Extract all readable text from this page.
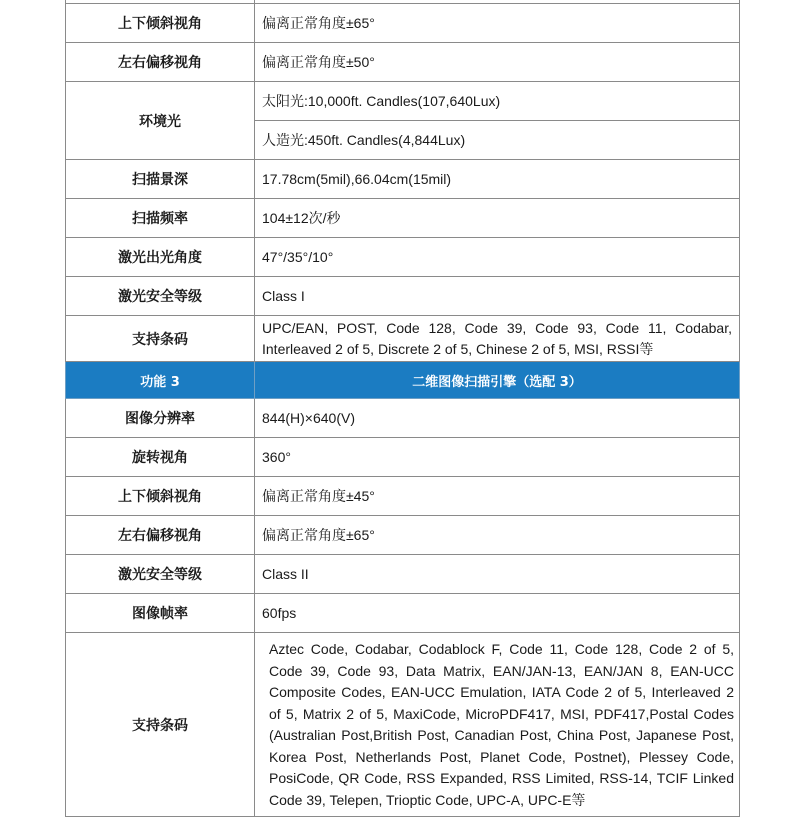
上下倾斜视角	偏离正常角度±65°
左右偏移视角	偏离正常角度±50°
环境光	太阳光:10,000ft. Candles(107,640Lux)
	人造光:450ft. Candles(4,844Lux)
扫描景深	17.78cm(5mil),66.04cm(15mil)
扫描频率	104±12次/秒
激光出光角度	47°/35°/10°
激光安全等级	Class I
支持条码	UPC/EAN, POST, Code 128, Code 39, Code 93, Code 11, Codabar, Interleaved 2 of 5, Discrete 2 of 5, Chinese 2 of 5, MSI, RSSI等
功能 3	二维图像扫描引擎（选配 3）
图像分辨率	844(H)×640(V)
旋转视角	360°
上下倾斜视角	偏离正常角度±45°
左右偏移视角	偏离正常角度±65°
激光安全等级	Class II
图像帧率	60fps
支持条码	Aztec Code, Codabar, Codablock F, Code 11, Code 128, Code 2 of 5, Code 39, Code 93, Data Matrix, EAN/JAN-13, EAN/JAN 8, EAN-UCC Composite Codes, EAN-UCC Emulation, IATA Code 2 of 5, Interleaved 2 of 5, Matrix 2 of 5, MaxiCode, MicroPDF417, MSI, PDF417,Postal Codes (Australian Post,British Post, Canadian Post, China Post, Japanese Post, Korea Post, Netherlands Post, Planet Code, Postnet), Plessey Code, PosiCode, QR Code, RSS Expanded, RSS Limited, RSS-14, TCIF Linked Code 39, Telepen, Trioptic Code, UPC-A, UPC-E等
